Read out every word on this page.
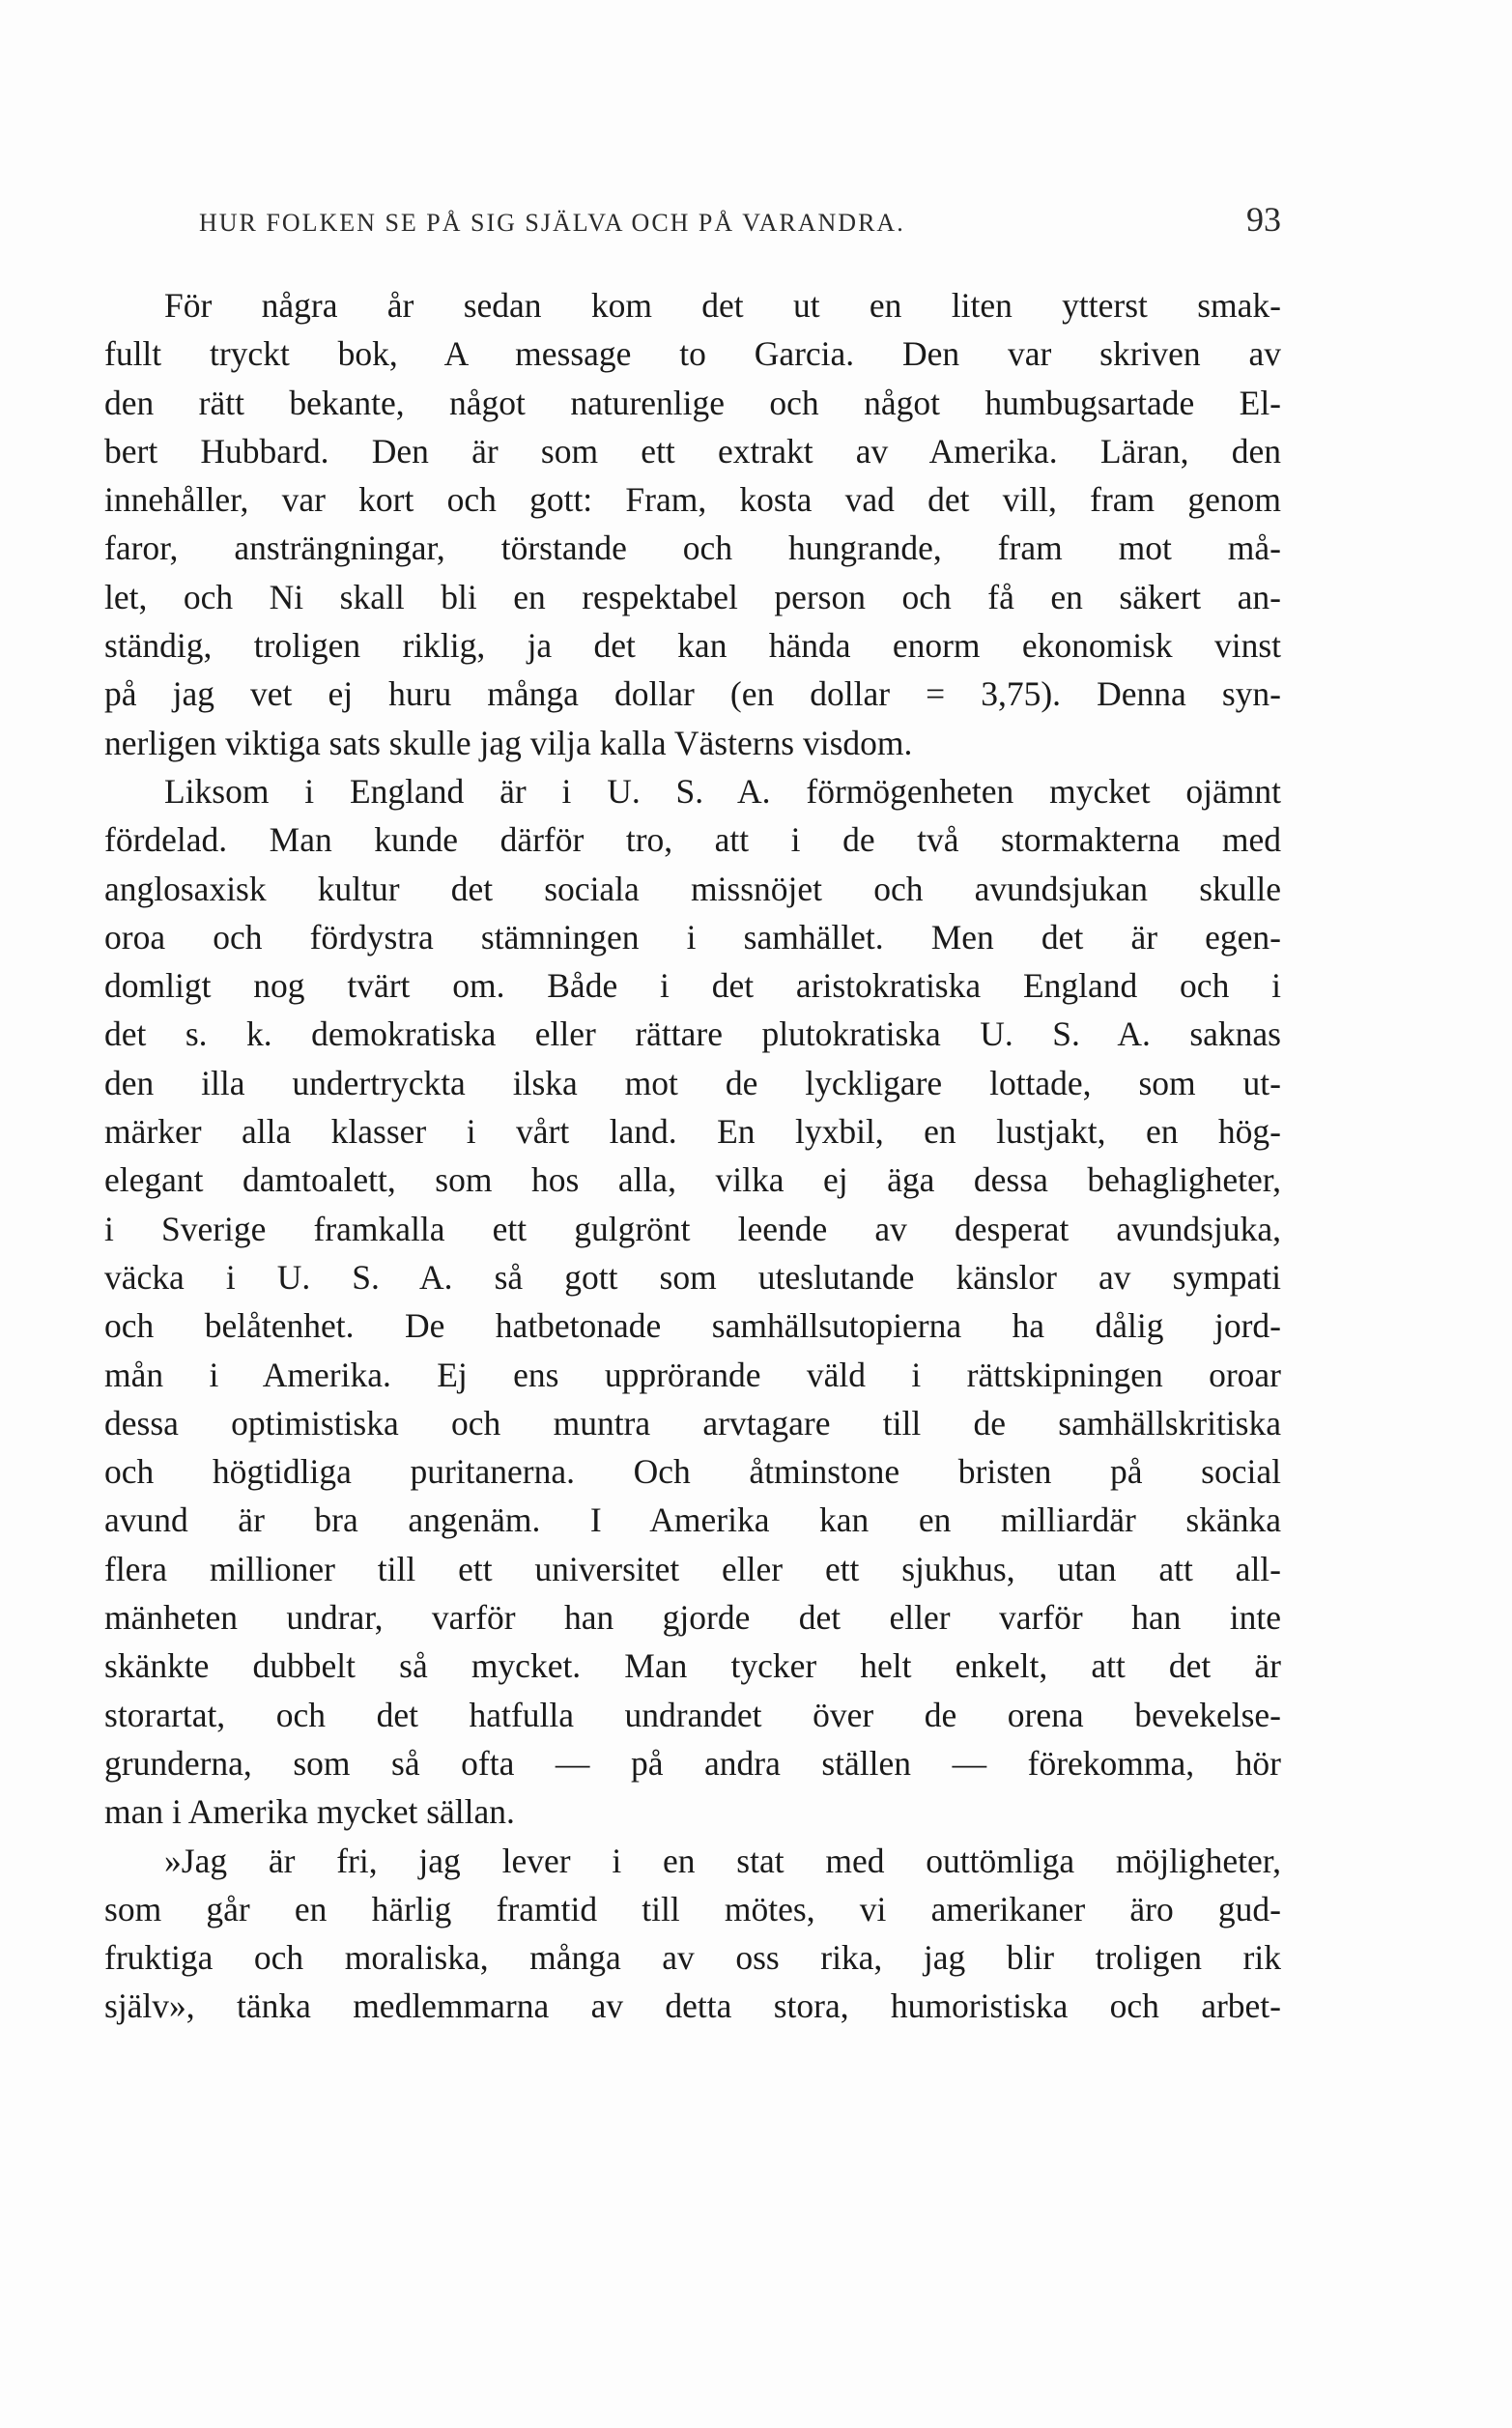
HUR FOLKEN SE PÅ SIG SJÄLVA OCH PÅ VARANDRA.	93
För några år sedan kom det ut en liten ytterst smak-
fullt tryckt bok, A message to Garcia. Den var skriven av
den rätt bekante, något naturenlige och något humbugsartade El-
bert Hubbard. Den är som ett extrakt av Amerika. Läran, den
innehåller, var kort och gott: Fram, kosta vad det vill, fram genom
faror, ansträngningar, törstande och hungrande, fram mot må-
let, och Ni skall bli en respektabel person och få en säkert an-
ständig, troligen riklig, ja det kan hända enorm ekonomisk vinst
på jag vet ej huru många dollar (en dollar = 3,75). Denna syn-
nerligen viktiga sats skulle jag vilja kalla Västerns visdom.
Liksom i England är i U. S. A. förmögenheten mycket ojämnt
fördelad. Man kunde därför tro, att i de två stormakterna med
anglosaxisk kultur det sociala missnöjet och avundsjukan skulle
oroa och fördystra stämningen i samhället. Men det är egen-
domligt nog tvärt om. Både i det aristokratiska England och i
det s. k. demokratiska eller rättare plutokratiska U. S. A. saknas
den illa undertryckta ilska mot de lyckligare lottade, som ut-
märker alla klasser i vårt land. En lyxbil, en lustjakt, en hög-
elegant damtoalett, som hos alla, vilka ej äga dessa behagligheter,
i Sverige framkalla ett gulgrönt leende av desperat avundsjuka,
väcka i U. S. A. så gott som uteslutande känslor av sympati
och belåtenhet. De hatbetonade samhällsutopierna ha dålig jord-
mån i Amerika. Ej ens upprörande väld i rättskipningen oroar
dessa optimistiska och muntra arvtagare till de samhällskritiska
och högtidliga puritanerna. Och åtminstone bristen på social
avund är bra angenäm. I Amerika kan en milliardär skänka
flera millioner till ett universitet eller ett sjukhus, utan att all-
mänheten undrar, varför han gjorde det eller varför han inte
skänkte dubbelt så mycket. Man tycker helt enkelt, att det är
storartat, och det hatfulla undrandet över de orena bevekelse-
grunderna, som så ofta — på andra ställen — förekomma, hör
man i Amerika mycket sällan.
»Jag är fri, jag lever i en stat med outtömliga möjligheter,
som går en härlig framtid till mötes, vi amerikaner äro gud-
fruktiga och moraliska, många av oss rika, jag blir troligen rik
själv», tänka medlemmarna av detta stora, humoristiska och arbet-
